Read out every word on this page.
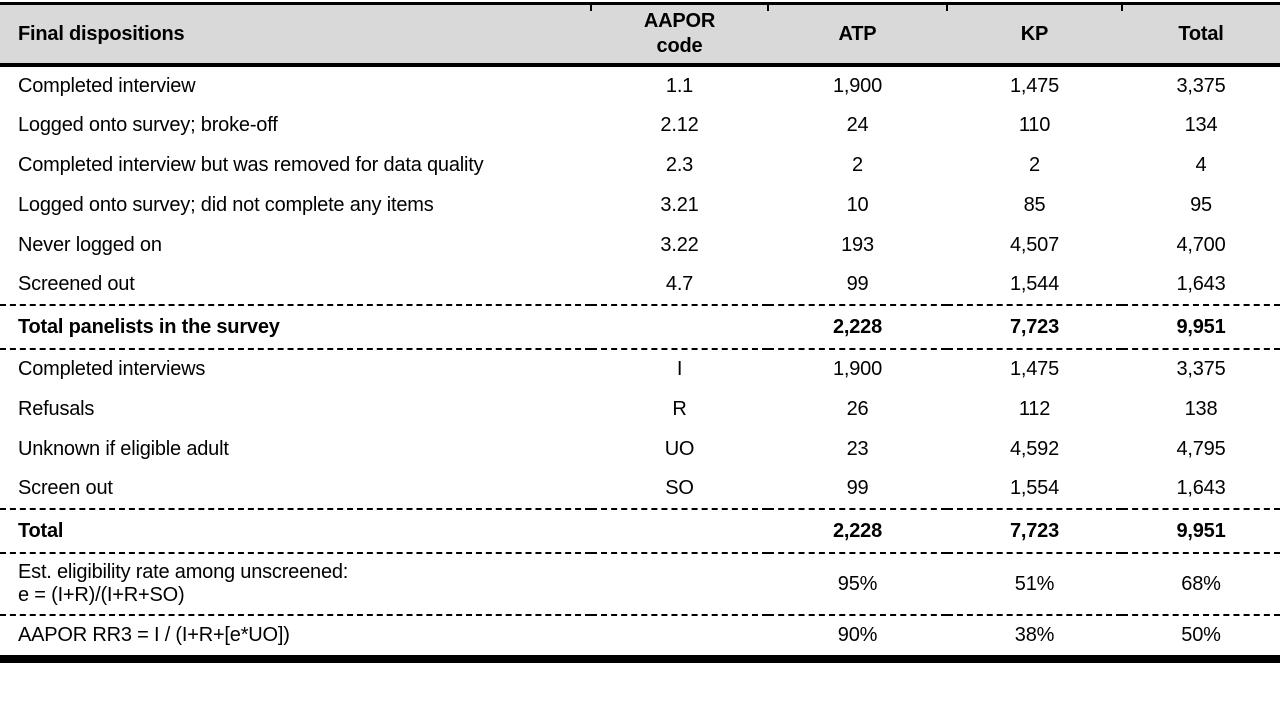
Final dispositions	AAPOR code	ATP	KP	Total
Completed interview	1.1	1,900	1,475	3,375
Logged onto survey; broke-off	2.12	24	110	134
Completed interview but was removed for data quality	2.3	2	2	4
Logged onto survey; did not complete any items	3.21	10	85	95
Never logged on	3.22	193	4,507	4,700
Screened out	4.7	99	1,544	1,643
Total panelists in the survey		2,228	7,723	9,951
Completed interviews	I	1,900	1,475	3,375
Refusals	R	26	112	138
Unknown if eligible adult	UO	23	4,592	4,795
Screen out	SO	99	1,554	1,643
Total		2,228	7,723	9,951
Est. eligibility rate among unscreened:
e = (I+R)/(I+R+SO)		95%	51%	68%
AAPOR RR3 = I / (I+R+[e*UO])		90%	38%	50%
